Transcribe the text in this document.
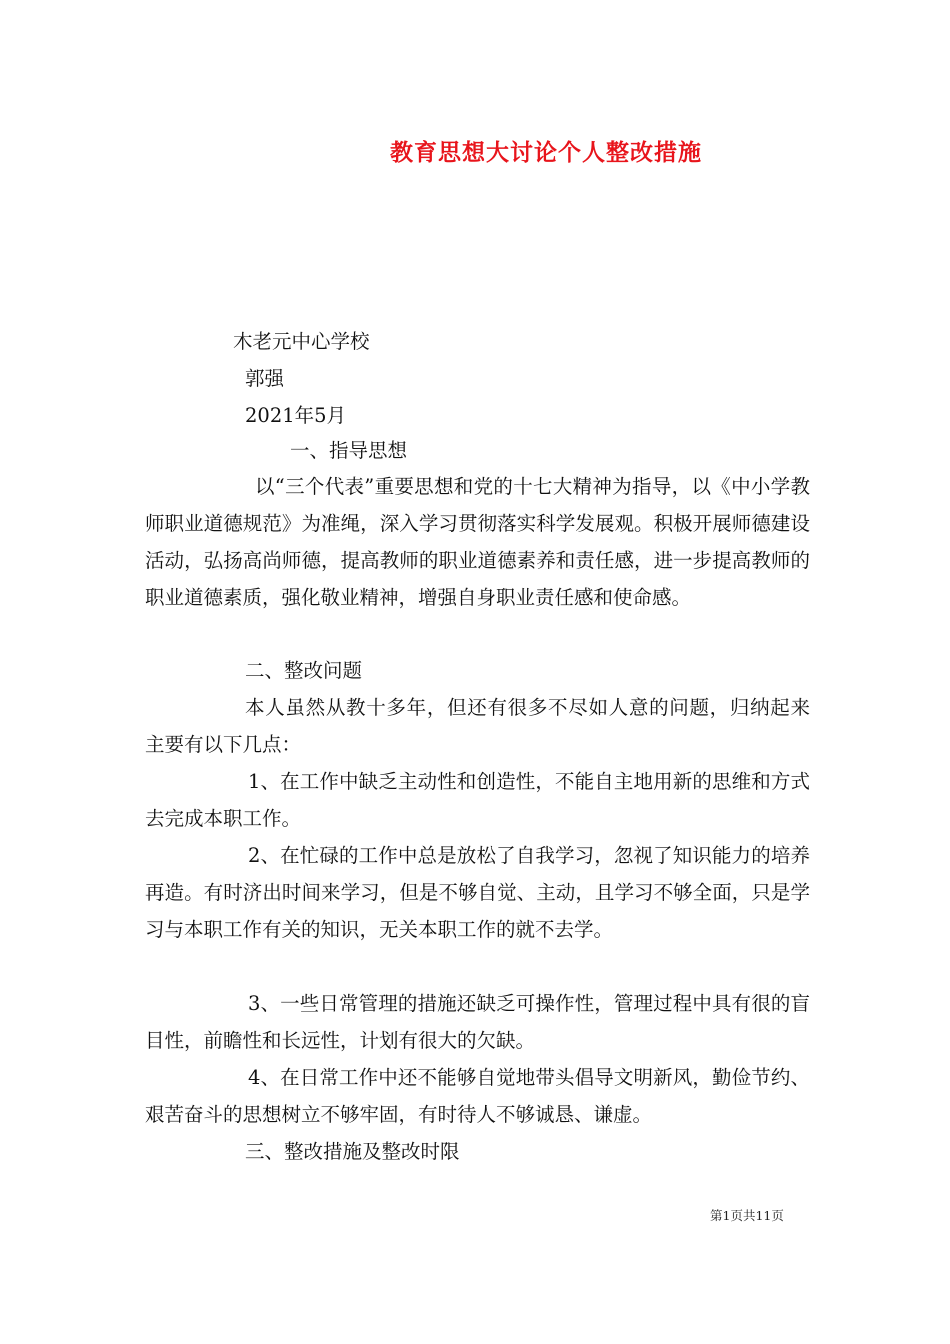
教育思想大讨论个人整改措施
木老元中心学校
郭强
2021年5月
一、指导思想
以“三个代表”重要思想和党的十七大精神为指导，以《中小学教师职业道德规范》为准绳，深入学习贯彻落实科学发展观。积极开展师德建设活动，弘扬高尚师德，提高教师的职业道德素养和责任感，进一步提高教师的职业道德素质，强化敬业精神，增强自身职业责任感和使命感。
二、整改问题
本人虽然从教十多年，但还有很多不尽如人意的问题，归纳起来主要有以下几点：
1、在工作中缺乏主动性和创造性，不能自主地用新的思维和方式去完成本职工作。
2、在忙碌的工作中总是放松了自我学习，忽视了知识能力的培养再造。有时济出时间来学习，但是不够自觉、主动，且学习不够全面，只是学习与本职工作有关的知识，无关本职工作的就不去学。
3、一些日常管理的措施还缺乏可操作性，管理过程中具有很的盲目性，前瞻性和长远性，计划有很大的欠缺。
4、在日常工作中还不能够自觉地带头倡导文明新风，勤俭节约、艰苦奋斗的思想树立不够牢固，有时待人不够诚恳、谦虚。
三、整改措施及整改时限
第1页共11页
